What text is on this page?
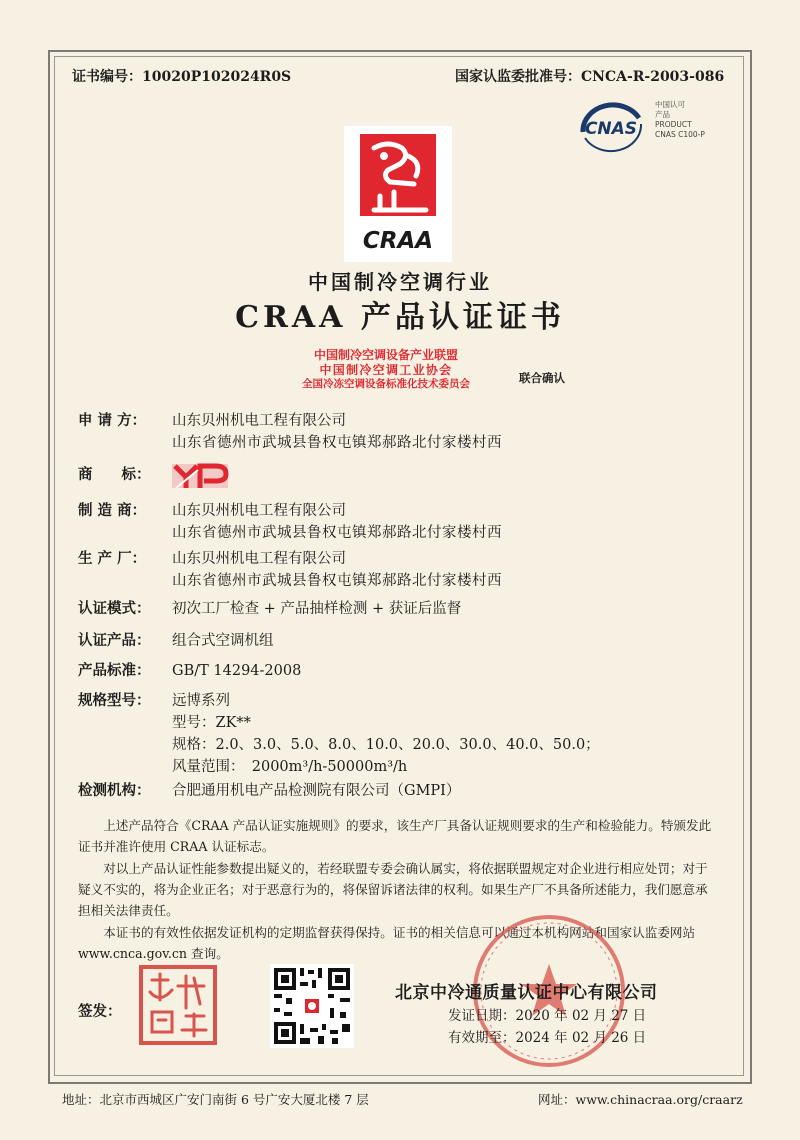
证书编号：10020P102024R0S	国家认监委批准号：CNCA-R-2003-086
CNAS
中国认可
产品
PRODUCT
CNAS C100-P
CRAA
中国制冷空调行业
CRAA 产品认证证书
中国制冷空调设备产业联盟
中国制冷空调工业协会
全国冷冻空调设备标准化技术委员会	联合确认
申 请 方：	山东贝州机电工程有限公司
山东省德州市武城县鲁权屯镇郑郝路北付家楼村西
商　　标：
制 造 商：	山东贝州机电工程有限公司
山东省德州市武城县鲁权屯镇郑郝路北付家楼村西
生 产 厂：	山东贝州机电工程有限公司
山东省德州市武城县鲁权屯镇郑郝路北付家楼村西
认证模式：	初次工厂检查 + 产品抽样检测 + 获证后监督
认证产品：	组合式空调机组
产品标准：	GB/T 14294-2008
规格型号：	远博系列
型号：ZK**
规格：2.0、3.0、5.0、8.0、10.0、20.0、30.0、40.0、50.0；
风量范围：　2000m³/h-50000m³/h
检测机构：	合肥通用机电产品检测院有限公司（GMPI）

上述产品符合《CRAA 产品认证实施规则》的要求，该生产厂具备认证规则要求的生产和检验能力。特颁发此证书并准许使用 CRAA 认证标志。

对以上产品认证性能参数提出疑义的，若经联盟专委会确认属实，将依据联盟规定对企业进行相应处罚；对于疑义不实的，将为企业正名；对于恶意行为的，将保留诉诸法律的权利。如果生产厂不具备所述能力，我们愿意承担相关法律责任。

本证书的有效性依据发证机构的定期监督获得保持。证书的相关信息可以通过本机构网站和国家认监委网站 www.cnca.gov.cn 查询。

签发：
北京中冷通质量认证中心有限公司
发证日期：2020 年 02 月 27 日
有效期至：2024 年 02 月 26 日
地址：北京市西城区广安门南街 6 号广安大厦北楼 7 层	网址：www.chinacraa.org/craarz
